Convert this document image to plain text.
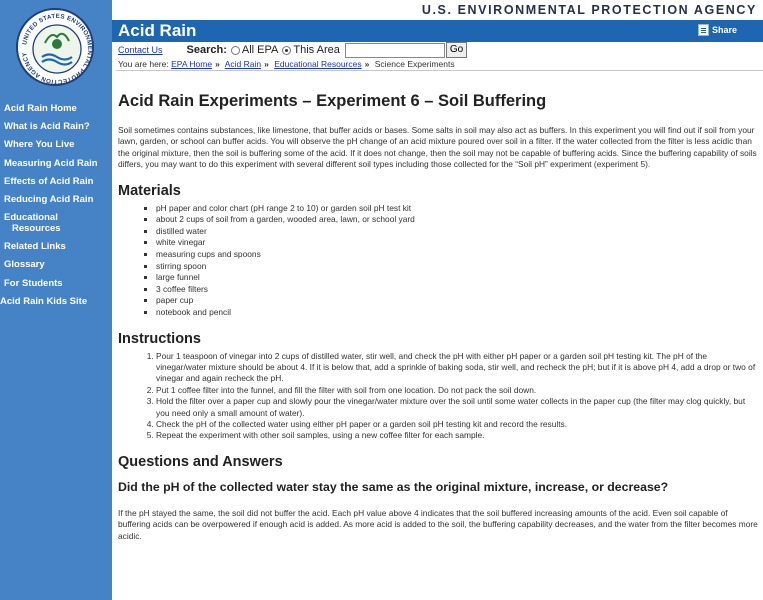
UNITED STATES ENVIRONMENTAL PROTECTION AGENCY
Acid Rain Home
What is Acid Rain?
Where You Live
Measuring Acid Rain
Effects of Acid Rain
Reducing Acid Rain
Educational
Resources
Related Links
Glossary
For Students
Acid Rain Kids Site
U.S. ENVIRONMENTAL PROTECTION AGENCY
Acid Rain	Share
Contact Us Search: All EPA This Area	Go
You are here: EPA Home » Acid Rain » Educational Resources » Science Experiments
Acid Rain Experiments – Experiment 6 – Soil Buffering

Soil sometimes contains substances, like limestone, that buffer acids or bases. Some salts in soil may also act as buffers. In this experiment you will find out if soil from your lawn, garden, or school can buffer acids. You will observe the pH change of an acid mixture poured over soil in a filter. If the water collected from the filter is less acidic than the original mixture, then the soil is buffering some of the acid. If it does not change, then the soil may not be capable of buffering acids. Since the buffering capability of soils differs, you may want to do this experiment with several different soil types including those collected for the “Soil pH” experiment (experiment 5).

Materials
▪ pH paper and color chart (pH range 2 to 10) or garden soil pH test kit
▪ about 2 cups of soil from a garden, wooded area, lawn, or school yard
▪ distilled water
▪ white vinegar
▪ measuring cups and spoons
▪ stirring spoon
▪ large funnel
▪ 3 coffee filters
▪ paper cup
▪ notebook and pencil
Instructions
1. Pour 1 teaspoon of vinegar into 2 cups of distilled water, stir well, and check the pH with either pH paper or a garden soil pH testing kit. The pH of the vinegar/water mixture should be about 4. If it is below that, add a sprinkle of baking soda, stir well, and recheck the pH; but if it is above pH 4, add a drop or two of vinegar and again recheck the pH.
2. Put 1 coffee filter into the funnel, and fill the filter with soil from one location. Do not pack the soil down.
3. Hold the filter over a paper cup and slowly pour the vinegar/water mixture over the soil until some water collects in the paper cup (the filter may clog quickly, but you need only a small amount of water).
4. Check the pH of the collected water using either pH paper or a garden soil pH testing kit and record the results.
5. Repeat the experiment with other soil samples, using a new coffee filter for each sample.
Questions and Answers
Did the pH of the collected water stay the same as the original mixture, increase, or decrease?

If the pH stayed the same, the soil did not buffer the acid. Each pH value above 4 indicates that the soil buffered increasing amounts of the acid. Even soil capable of buffering acids can be overpowered if enough acid is added. As more acid is added to the soil, the buffering capability decreases, and the water from the filter becomes more acidic.
